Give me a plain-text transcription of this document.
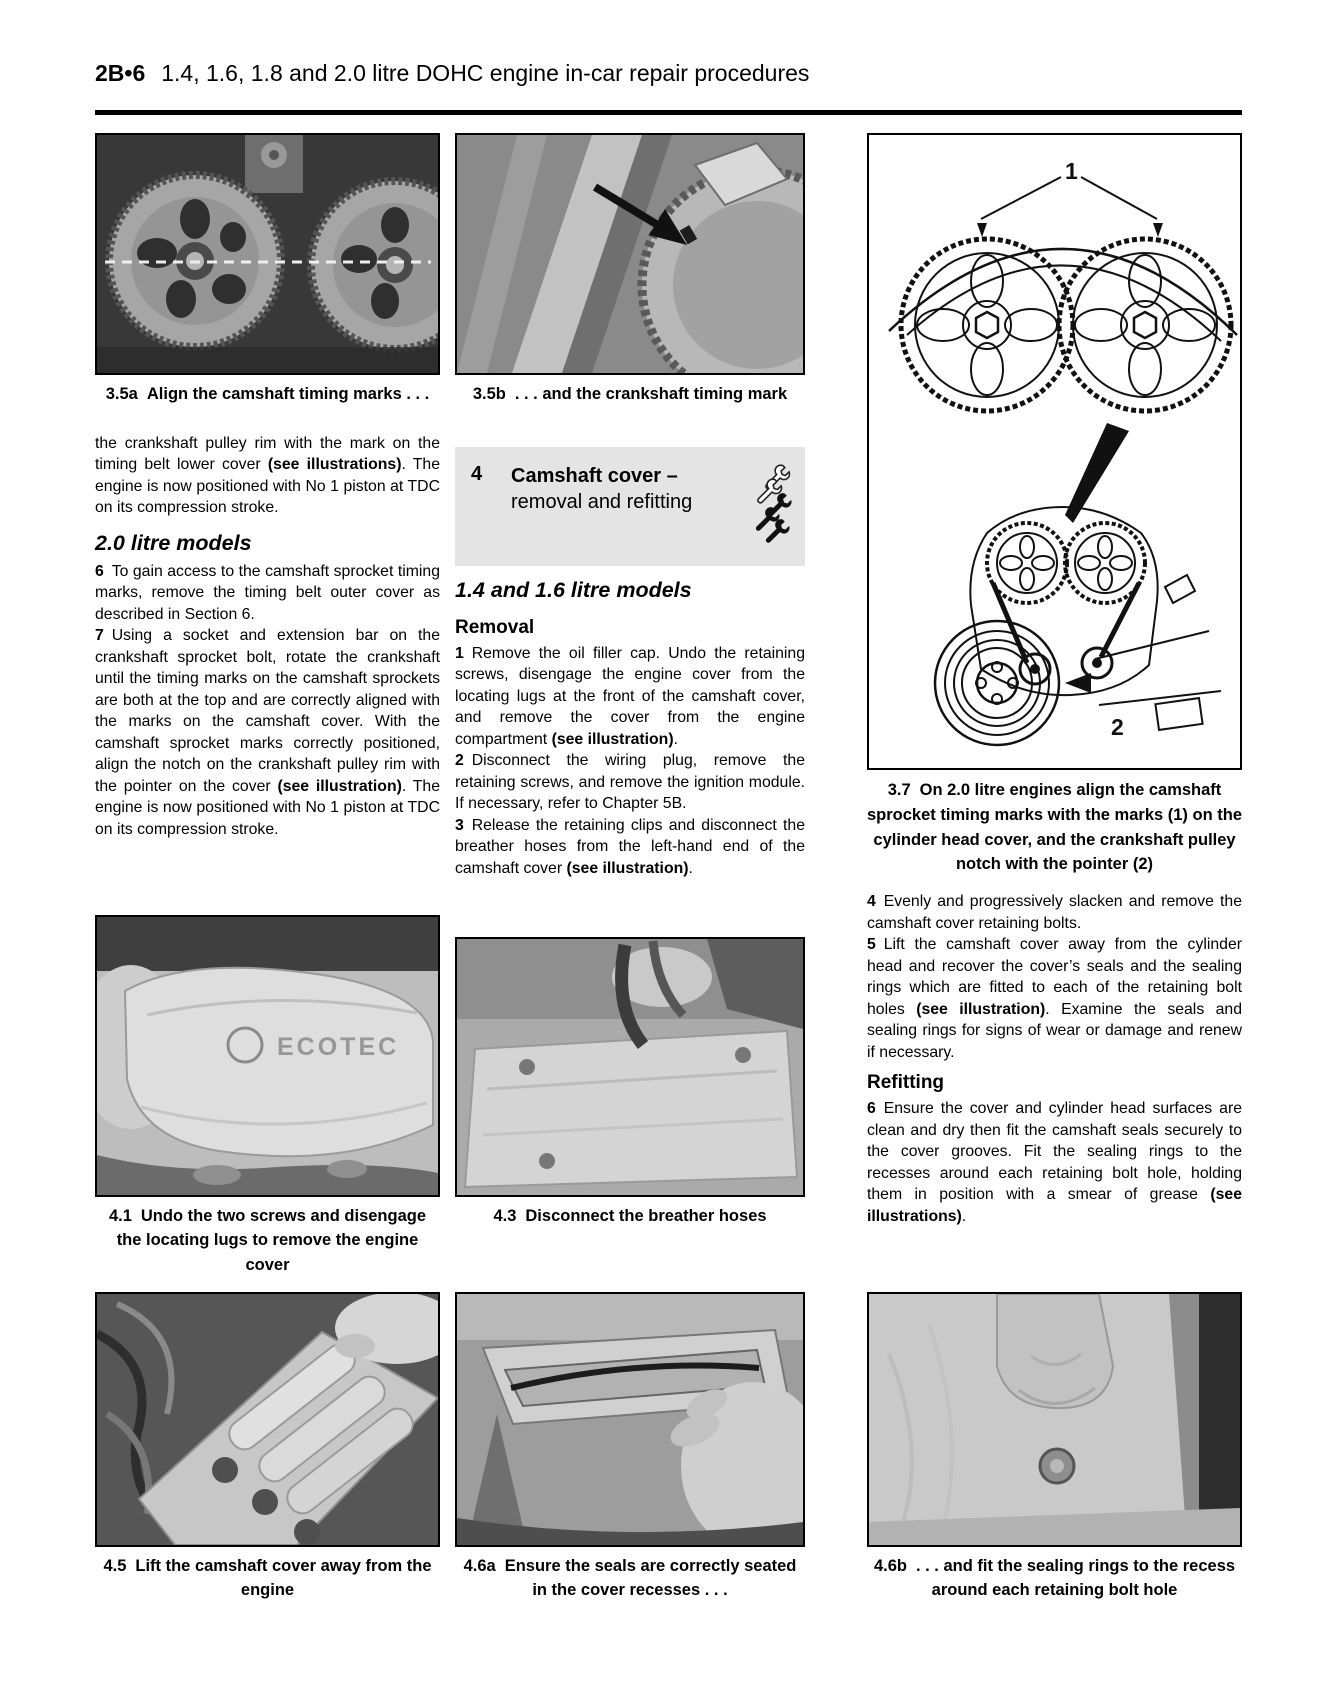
2B•6 1.4, 1.6, 1.8 and 2.0 litre DOHC engine in-car repair procedures
3.5a Align the camshaft timing marks . . .
the crankshaft pulley rim with the mark on the timing belt lower cover (see illustrations). The engine is now positioned with No 1 piston at TDC on its compression stroke.
2.0 litre models

6  To gain access to the camshaft sprocket timing marks, remove the timing belt outer cover as described in Section 6.

7  Using a socket and extension bar on the crankshaft sprocket bolt, rotate the crankshaft until the timing marks on the camshaft sprockets are both at the top and are correctly aligned with the marks on the camshaft cover. With the camshaft sprocket marks correctly positioned, align the notch on the crankshaft pulley rim with the pointer on the cover (see illustration). The engine is now positioned with No 1 piston at TDC on its compression stroke.

ECOTEC
4.1 Undo the two screws and disengage the locating lugs to remove the engine cover
4.5 Lift the camshaft cover away from the engine
3.5b . . . and the crankshaft timing mark
4	Camshaft cover –
removal and refitting
1.4 and 1.6 litre models
Removal

1  Remove the oil filler cap. Undo the retaining screws, disengage the engine cover from the locating lugs at the front of the camshaft cover, and remove the cover from the engine compartment (see illustration).

2  Disconnect the wiring plug, remove the retaining screws, and remove the ignition module. If necessary, refer to Chapter 5B.

3  Release the retaining clips and disconnect the breather hoses from the left-hand end of the camshaft cover (see illustration).

4.3 Disconnect the breather hoses
4.6a Ensure the seals are correctly seated in the cover recesses . . .
1
2
3.7 On 2.0 litre engines align the camshaft sprocket timing marks with the marks (1) on the cylinder head cover, and the crankshaft pulley notch with the pointer (2)

4  Evenly and progressively slacken and remove the camshaft cover retaining bolts.

5  Lift the camshaft cover away from the cylinder head and recover the cover’s seals and the sealing rings which are fitted to each of the retaining bolt holes (see illustration). Examine the seals and sealing rings for signs of wear or damage and renew if necessary.

Refitting

6  Ensure the cover and cylinder head surfaces are clean and dry then fit the camshaft seals securely to the cover grooves. Fit the sealing rings to the recesses around each retaining bolt hole, holding them in position with a smear of grease (see illustrations).

4.6b . . . and fit the sealing rings to the recess around each retaining bolt hole
